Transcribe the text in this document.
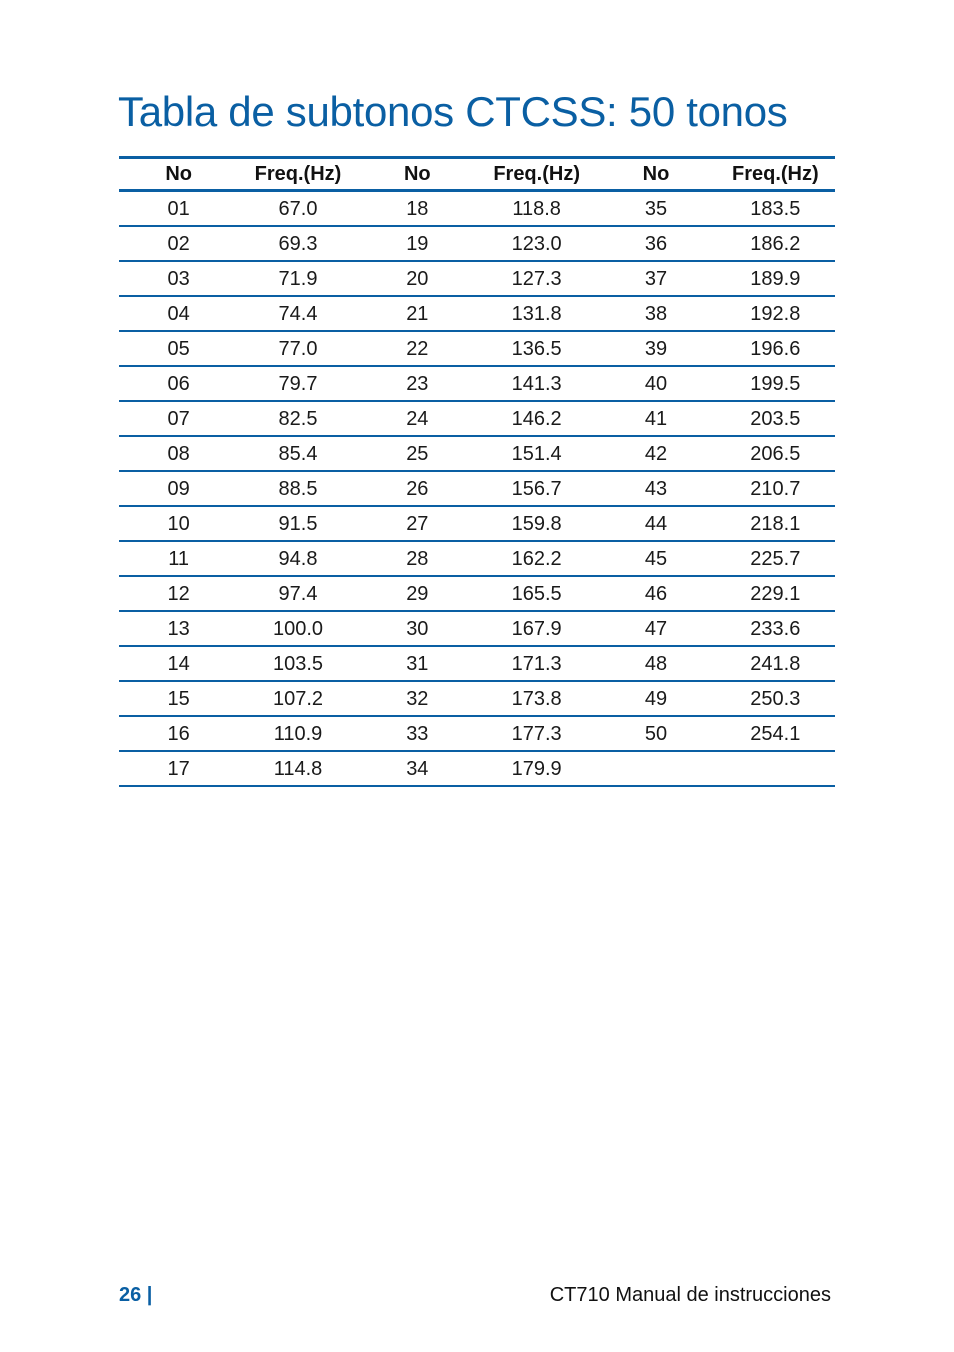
Tabla de subtonos CTCSS: 50 tonos
No	Freq.(Hz)	No	Freq.(Hz)	No	Freq.(Hz)
01	67.0	18	118.8	35	183.5
02	69.3	19	123.0	36	186.2
03	71.9	20	127.3	37	189.9
04	74.4	21	131.8	38	192.8
05	77.0	22	136.5	39	196.6
06	79.7	23	141.3	40	199.5
07	82.5	24	146.2	41	203.5
08	85.4	25	151.4	42	206.5
09	88.5	26	156.7	43	210.7
10	91.5	27	159.8	44	218.1
11	94.8	28	162.2	45	225.7
12	97.4	29	165.5	46	229.1
13	100.0	30	167.9	47	233.6
14	103.5	31	171.3	48	241.8
15	107.2	32	173.8	49	250.3
16	110.9	33	177.3	50	254.1
17	114.8	34	179.9		
26 |	CT710 Manual de instrucciones
